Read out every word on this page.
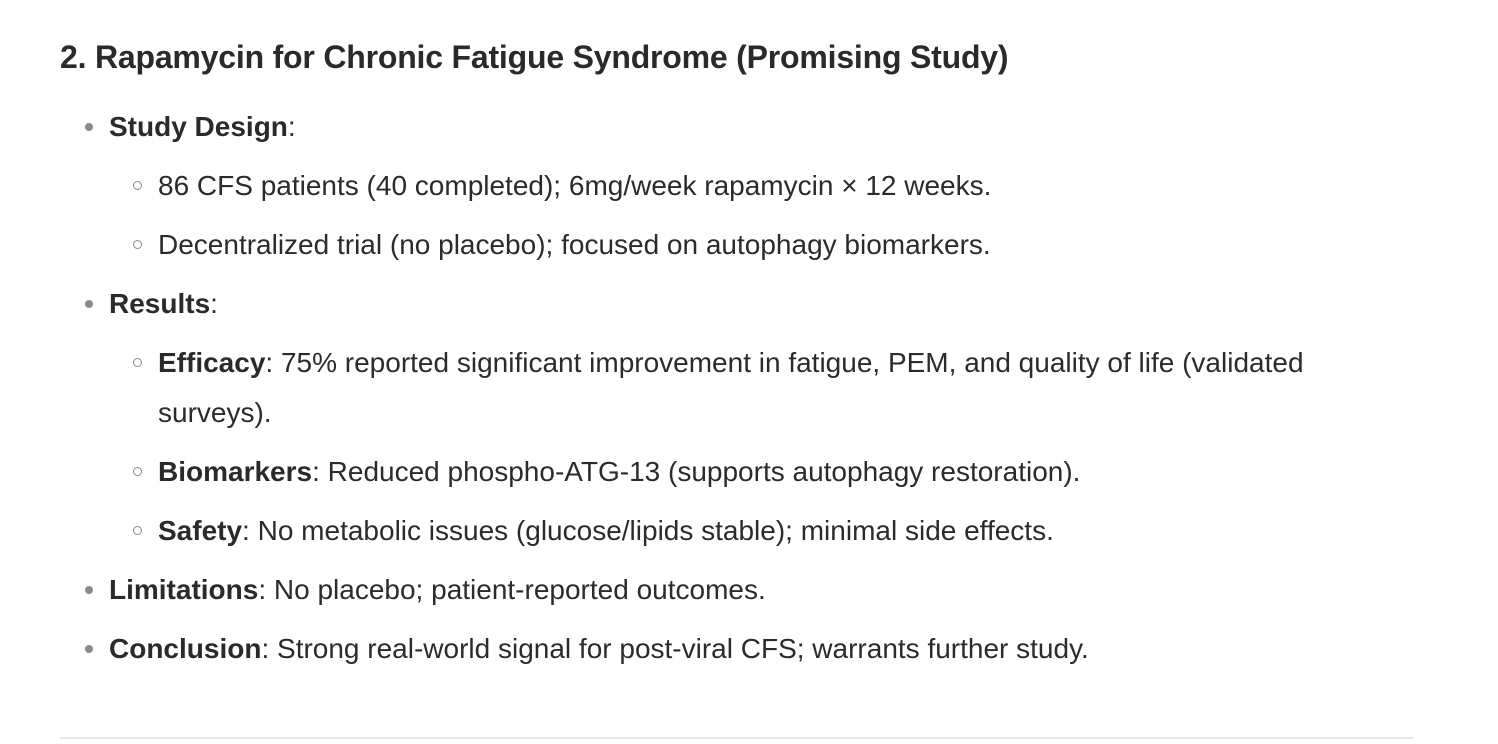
2. Rapamycin for Chronic Fatigue Syndrome (Promising Study)
Study Design:
86 CFS patients (40 completed); 6mg/week rapamycin × 12 weeks.
Decentralized trial (no placebo); focused on autophagy biomarkers.
Results:
Efficacy: 75% reported significant improvement in fatigue, PEM, and quality of life (validated surveys).
Biomarkers: Reduced phospho-ATG-13 (supports autophagy restoration).
Safety: No metabolic issues (glucose/lipids stable); minimal side effects.
Limitations: No placebo; patient-reported outcomes.
Conclusion: Strong real-world signal for post-viral CFS; warrants further study.
